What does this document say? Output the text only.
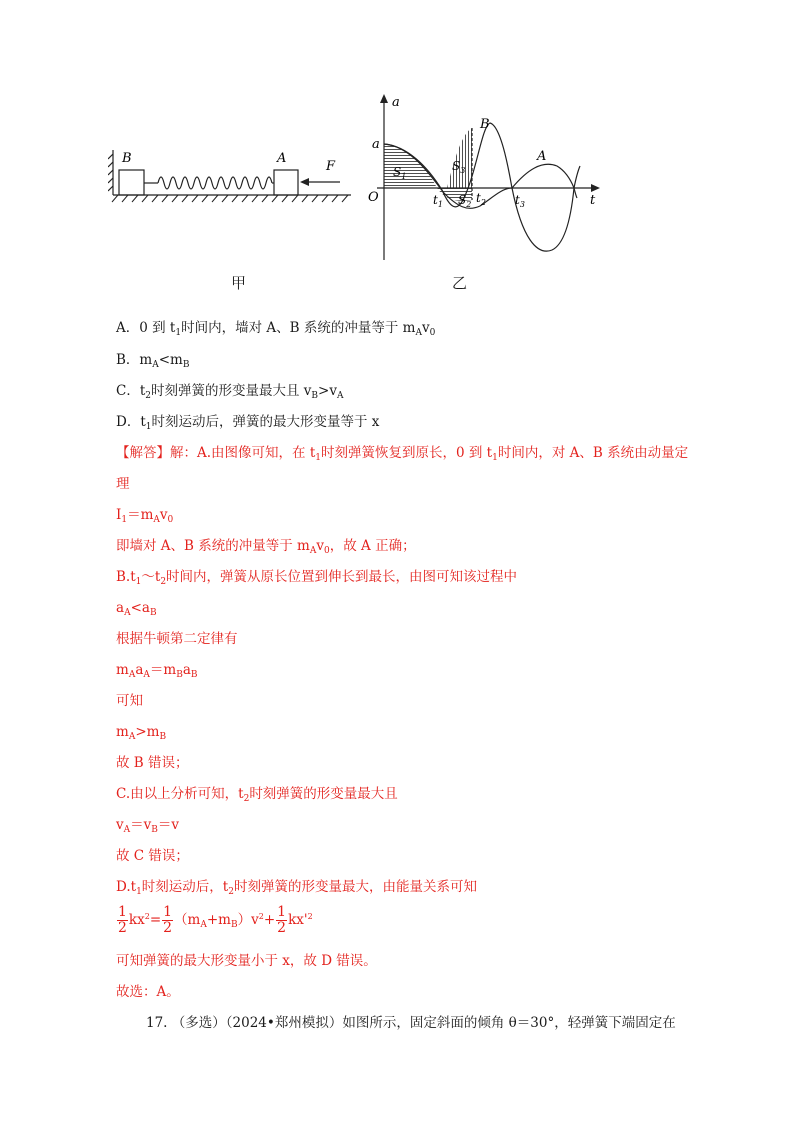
B	A
F
甲
a
t
O
a
B
A
$S_1$
$S_3$
$S_2$
$t_1$	$t_2$ $t_3$
乙
A．0 到 $t_1$时间内，墙对 A、B 系统的冲量等于 $m_Av_0$
B．$m_A<m_B$
C．$t_2$时刻弹簧的形变量最大且 $v_B>v_A$
D．$t_1$时刻运动后，弹簧的最大形变量等于 x
【解答】解：A.由图像可知，在 $t_1$时刻弹簧恢复到原长，0 到 $t_1$时间内，对 A、B 系统由动量定
理
$I_1=m_Av_0$
即墙对 A、B 系统的冲量等于 $m_Av_0$，故 A 正确；
$B.t_1\sim t_2$时间内，弹簧从原长位置到伸长到最长，由图可知该过程中
$a_A<a_B$
根据牛顿第二定律有
$m_Aa_A=m_Ba_B$
可知
$m_A>m_B$
故 B 错误；
C.由以上分析可知，$t_2$时刻弹簧的形变量最大且
$v_A=v_B=v$
故 C 错误；
$D.t_1$时刻运动后，$t_2$时刻弹簧的形变量最大，由能量关系可知
$\frac{1}{2} kx^2= \frac{1}{2} (m_A+m_B)v^2+ \frac{1}{2} kx'^2$
可知弹簧的最大形变量小于 x，故 D 错误。
故选：A。
17. （多选）（2024•郑州模拟）如图所示，固定斜面的倾角 θ＝30°，轻弹簧下端固定在
